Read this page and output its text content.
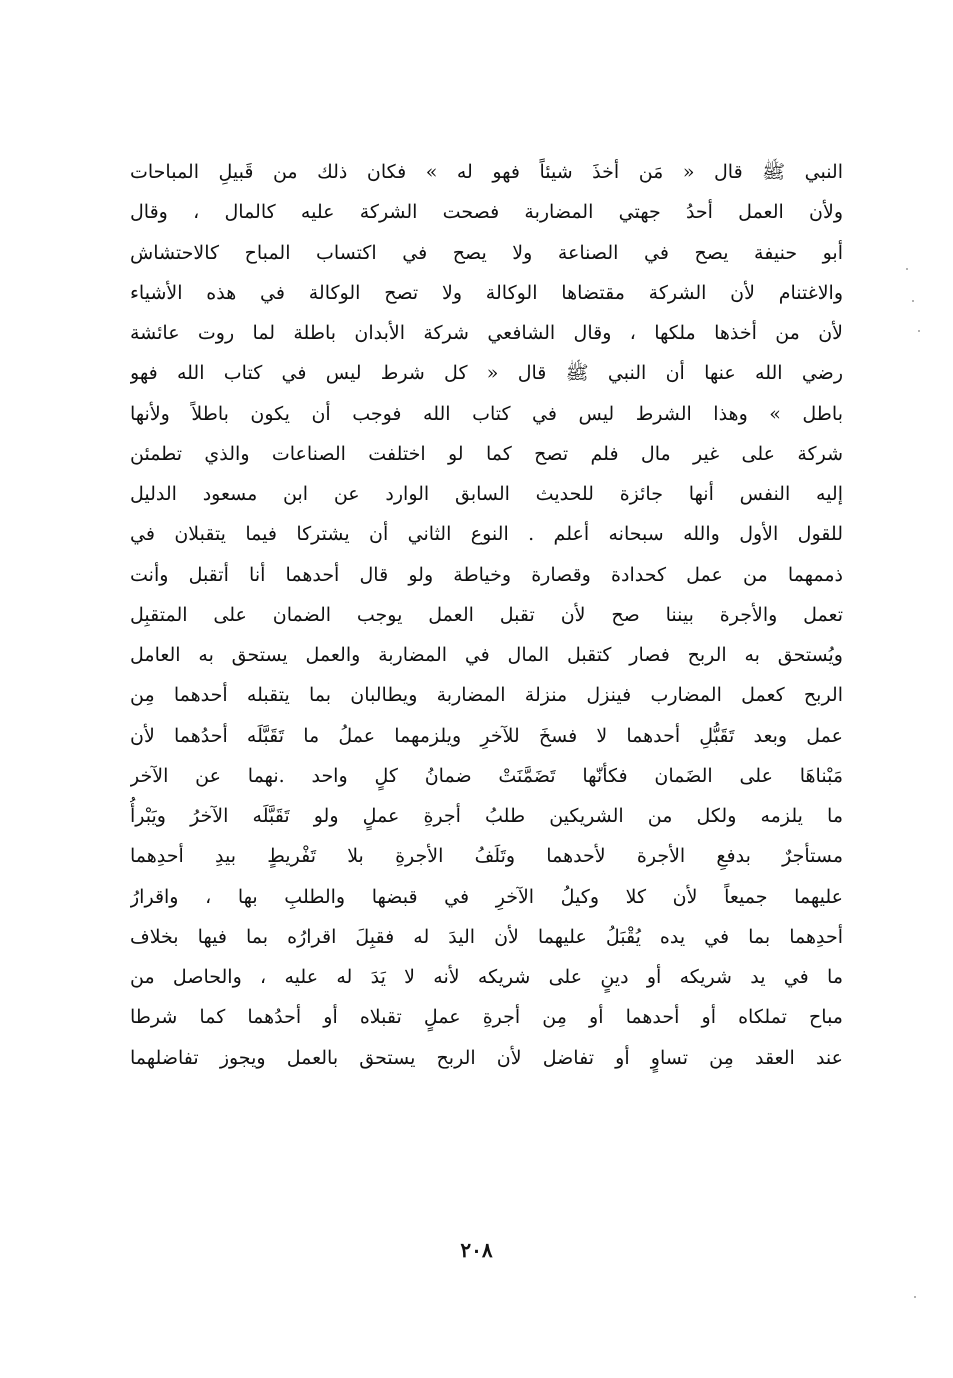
النبي ﷺ قال « مَن أخذَ شيئاً فهو له » فكان ذلك من قَبيلِ المباحات
ولأن العمل أحدُ جهتي المضاربة فصحت الشركة عليه كالمال ، وقال
أبو حنيفة يصح في الصناعة ولا يصح في اكتساب المباح كالاحتشاش
والاغتنام لأن الشركة مقتضاها الوكالة ولا تصح الوكالة في هذه الأشياء
لأن من أخذها ملكها ، وقال الشافعي شركة الأبدان باطلة لما روت عائشة
رضي الله عنها أن النبي ﷺ قال « كل شرط ليس في كتاب الله فهو
باطل » وهذا الشرط ليس في كتاب الله فوجب أن يكون باطلاً ولأنها
شركة على غير مال فلم تصح كما لو اختلفت الصناعات والذي تطمئن
إليه النفس أنها جائزة للحديث السابق الوارد عن ابن مسعود الدليل
للقول الأول والله سبحانه أعلم . النوع الثاني أن يشتركا فيما يتقبلان في
ذممهما من عمل كحدادة وقصارة وخياطة ولو قال أحدهما أنا أتقبل وأنت
تعمل والأجرة بيننا صح لأن تقبل العمل يوجب الضمان على المتقبِل
ويُستحق به الربح فصار كتقبل المال في المضاربة والعمل يستحق به العامل
الربح كعمل المضارب فينزل منزلة المضاربة ويطالبان بما يتقبله أحدهما مِن
عمل وبعد تَقَبُّلِ أحدهما لا فسخَ للآخرِ ويلزمهما عملُ ما تَقَبَّلَه أحدُهما لأن
مَبْناهَا على الضَمان فكأنّها تَضَمَّنَتْ ضمانُ كلٍ واحد .نهما عن الآخر
ما يلزمه ولكل من الشريكين طلبُ أجرةِ عملٍ ولو تَقَبَّلَه الآخرُ ويَبْرأُ
مستأجرٌ بدفعِ الأجرة لأحدهما وتَلَفُ الأجرةِ بلا تَفْريطٍ بيدِ أحدِهما
عليهما جميعاً لأن كلا وكيلُ الآخرِ في قبضها والطلبِ بها ، واقرارُ
أحدِهما بما في يده يُقْبَلُ عليهما لأن اليدَ له فقبِلَ اقرارُه بما فيها بخلاف
ما في يد شريكه أو دينٍ على شريكه لأنه لا يَدَ له عليه ، والحاصل من
مباح تملكاه أو أحدهما أو مِن أجرةِ عملٍ تقبلاه أو أحدُهما كما شرطا
عند العقد مِن تساوٍ أو تفاضل لأن الربح يستحق بالعمل ويجوز تفاضلهما
٢٠٨
